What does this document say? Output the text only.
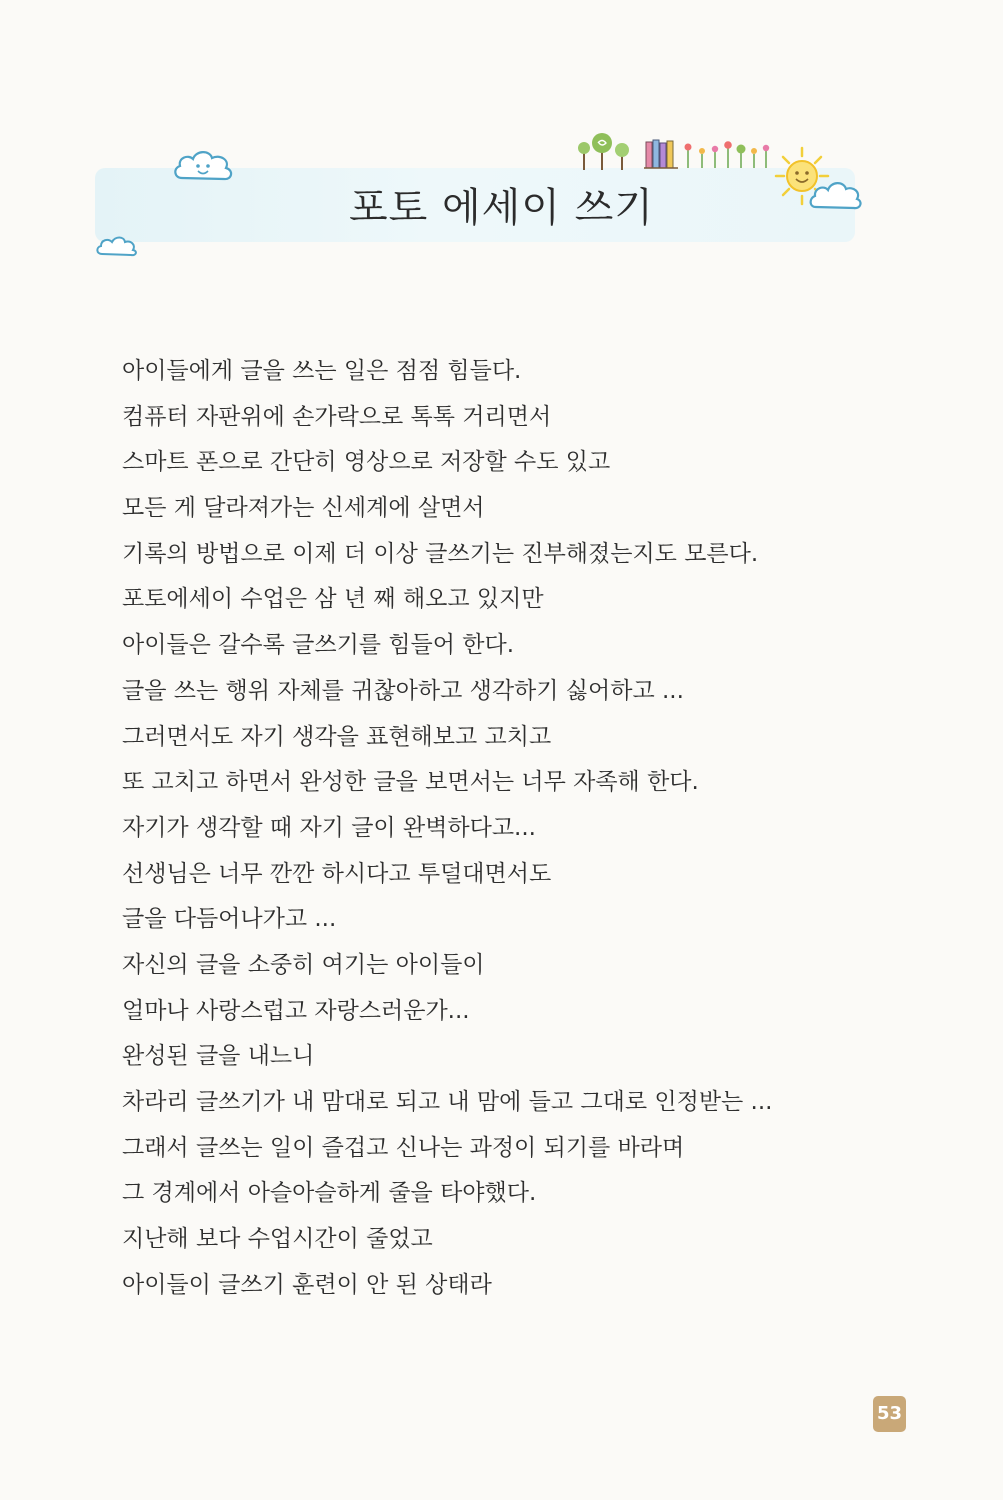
포토 에세이 쓰기
아이들에게 글을 쓰는 일은 점점 힘들다.
컴퓨터 자판위에 손가락으로 톡톡 거리면서
스마트 폰으로 간단히 영상으로 저장할 수도 있고
모든 게 달라져가는 신세계에 살면서
기록의 방법으로 이제 더 이상 글쓰기는 진부해졌는지도 모른다.
포토에세이 수업은 삼 년 째 해오고 있지만
아이들은 갈수록 글쓰기를 힘들어 한다.
글을 쓰는 행위 자체를 귀찮아하고 생각하기 싫어하고 ...
그러면서도 자기 생각을 표현해보고 고치고
또 고치고 하면서 완성한 글을 보면서는 너무 자족해 한다.
자기가 생각할 때 자기 글이 완벽하다고...
선생님은 너무 깐깐 하시다고 투덜대면서도
글을 다듬어나가고 ...
자신의 글을 소중히 여기는 아이들이
얼마나 사랑스럽고 자랑스러운가...
완성된 글을 내느니
차라리 글쓰기가 내 맘대로 되고 내 맘에 들고 그대로 인정받는 ...
그래서 글쓰는 일이 즐겁고 신나는 과정이 되기를 바라며
그 경계에서 아슬아슬하게 줄을 타야했다.
지난해 보다 수업시간이 줄었고
아이들이 글쓰기 훈련이 안 된 상태라
53
